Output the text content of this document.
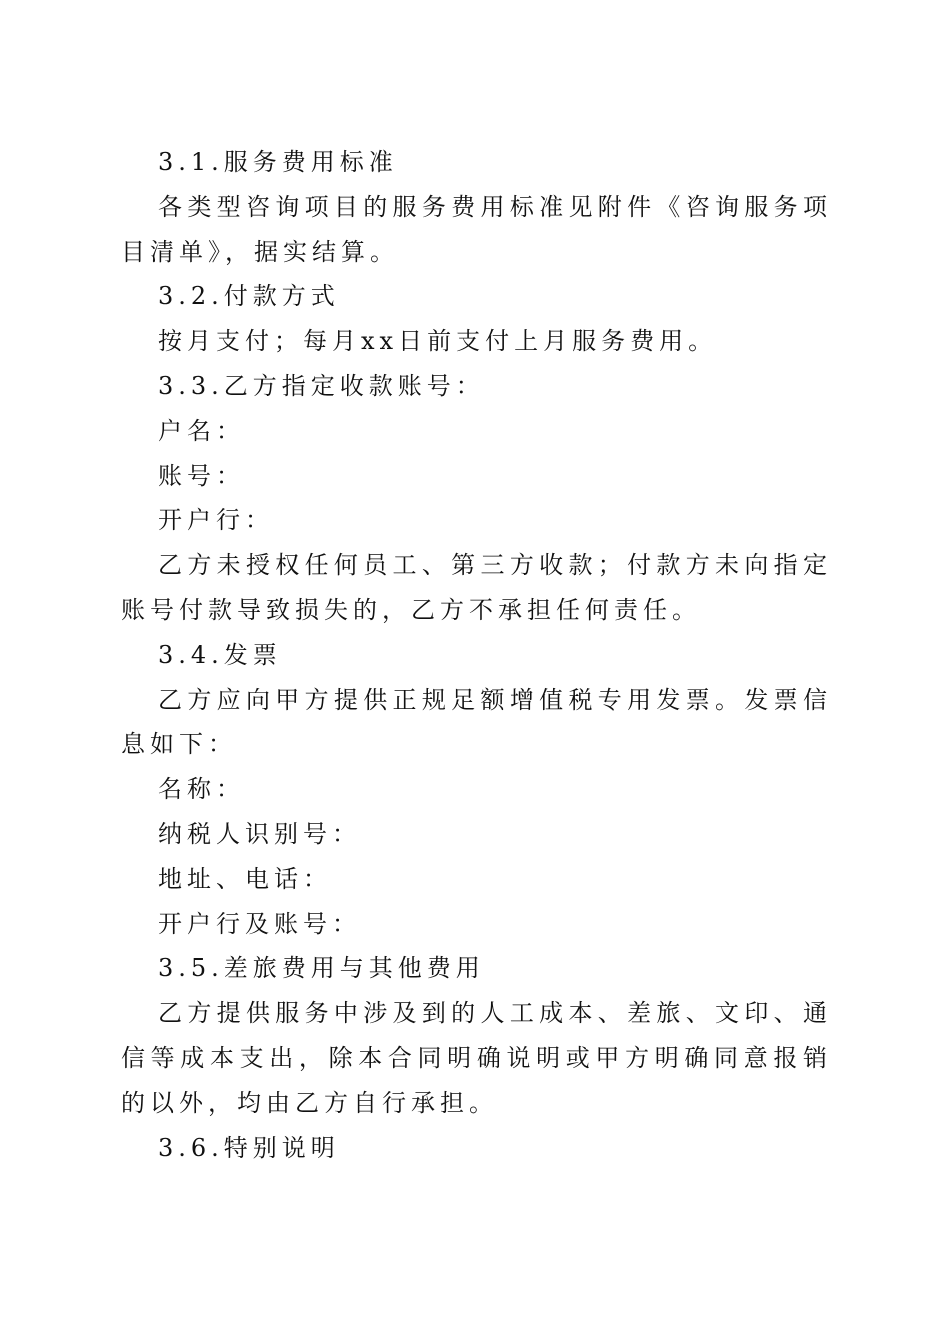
3.1.服务费用标准

各类型咨询项目的服务费用标准见附件《咨询服务项目清单》，据实结算。

3.2.付款方式

按月支付；每月xx日前支付上月服务费用。

3.3.乙方指定收款账号：

户名：

账号：

开户行：

乙方未授权任何员工、第三方收款；付款方未向指定账号付款导致损失的，乙方不承担任何责任。

3.4.发票

乙方应向甲方提供正规足额增值税专用发票。发票信息如下：

名称：

纳税人识别号：

地址、电话：

开户行及账号：

3.5.差旅费用与其他费用

乙方提供服务中涉及到的人工成本、差旅、文印、通信等成本支出，除本合同明确说明或甲方明确同意报销的以外，均由乙方自行承担。

3.6.特别说明
